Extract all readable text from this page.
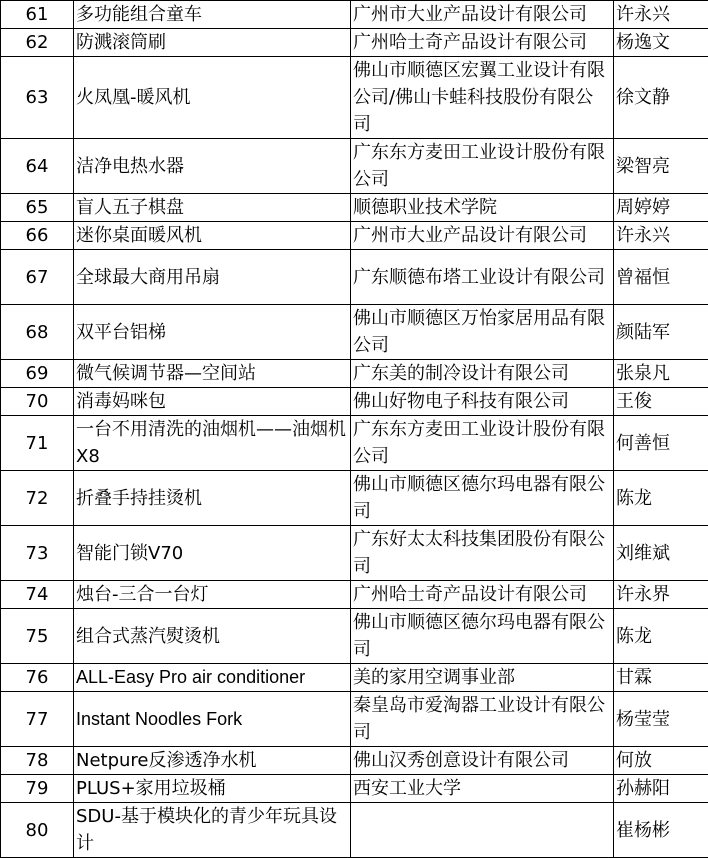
61	多功能组合童车	广州市大业产品设计有限公司	许永兴
62	防溅滚筒刷	广州哈士奇产品设计有限公司	杨逸文
63	火凤凰-暖风机	佛山市顺德区宏翼工业设计有限公司/佛山卡蛙科技股份有限公司	徐文静
64	洁净电热水器	广东东方麦田工业设计股份有限公司	梁智亮
65	盲人五子棋盘	顺德职业技术学院	周婷婷
66	迷你桌面暖风机	广州市大业产品设计有限公司	许永兴
67	全球最大商用吊扇	广东顺德布塔工业设计有限公司	曾福恒
68	双平台铝梯	佛山市顺德区万怡家居用品有限公司	颜陆军
69	微气候调节器—空间站	广东美的制冷设计有限公司	张泉凡
70	消毒妈咪包	佛山好物电子科技有限公司	王俊
71	一台不用清洗的油烟机——油烟机X8	广东东方麦田工业设计股份有限公司	何善恒
72	折叠手持挂烫机	佛山市顺德区德尔玛电器有限公司	陈龙
73	智能门锁V70	广东好太太科技集团股份有限公司	刘维斌
74	烛台-三合一台灯	广州哈士奇产品设计有限公司	许永界
75	组合式蒸汽熨烫机	佛山市顺德区德尔玛电器有限公司	陈龙
76	ALL-Easy Pro air conditioner	美的家用空调事业部	甘霖
77	Instant Noodles Fork	秦皇岛市爱淘器工业设计有限公司	杨莹莹
78	Netpure反渗透净水机	佛山汉秀创意设计有限公司	何放
79	PLUS+家用垃圾桶	西安工业大学	孙赫阳
80	SDU-基于模块化的青少年玩具设计		崔杨彬
